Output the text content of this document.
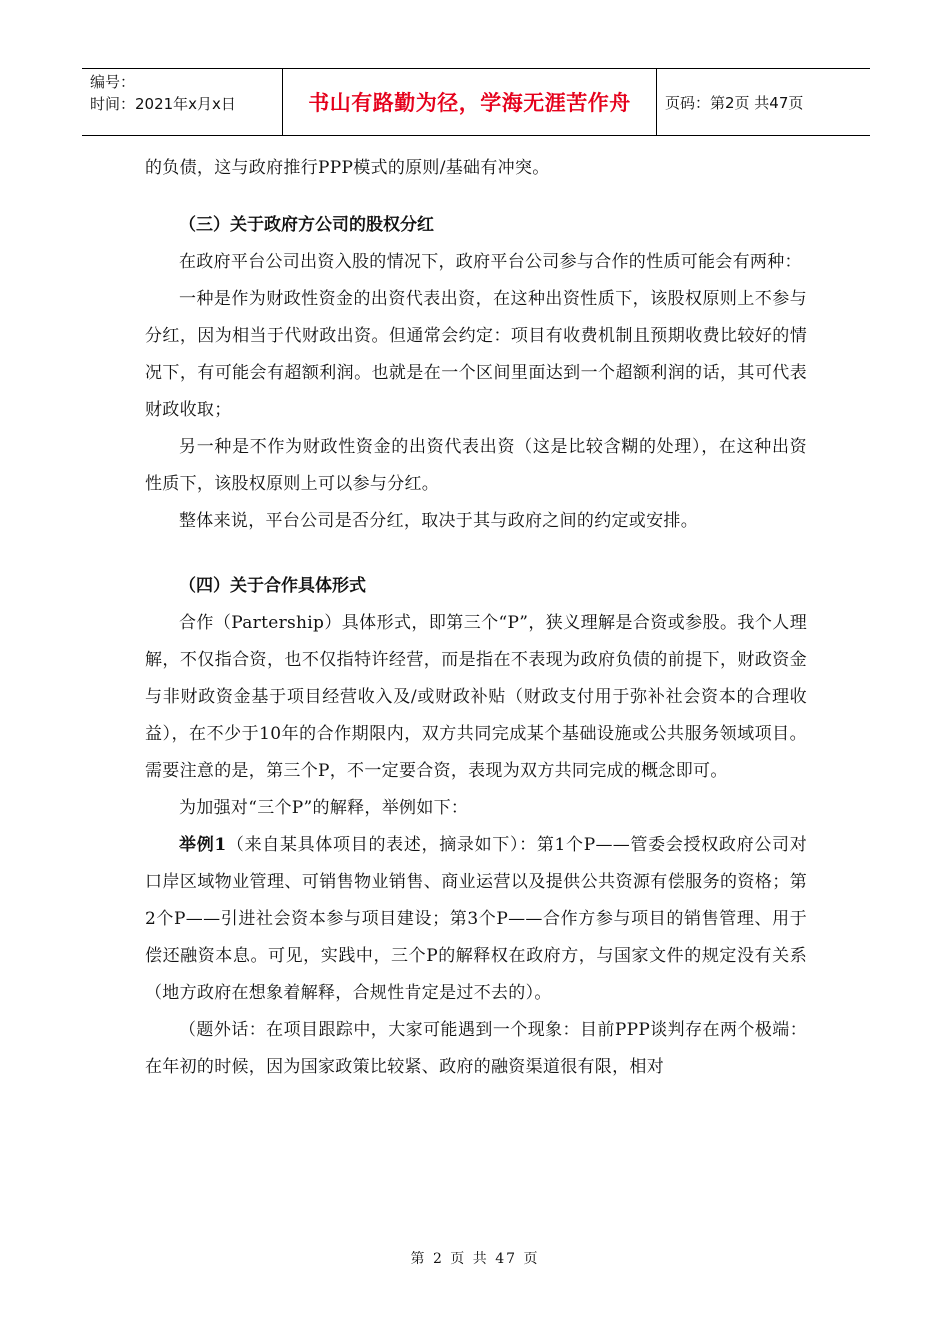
编号：
时间：2021年x月x日	书山有路勤为径，学海无涯苦作舟	页码：第2页 共47页

的负债，这与政府推行PPP模式的原则/基础有冲突。

（三）关于政府方公司的股权分红

在政府平台公司出资入股的情况下，政府平台公司参与合作的性质可能会有两种：

一种是作为财政性资金的出资代表出资，在这种出资性质下，该股权原则上不参与分红，因为相当于代财政出资。但通常会约定：项目有收费机制且预期收费比较好的情况下，有可能会有超额利润。也就是在一个区间里面达到一个超额利润的话，其可代表财政收取；

另一种是不作为财政性资金的出资代表出资（这是比较含糊的处理），在这种出资性质下，该股权原则上可以参与分红。

整体来说，平台公司是否分红，取决于其与政府之间的约定或安排。

（四）关于合作具体形式

合作（Partership）具体形式，即第三个“P”，狭义理解是合资或参股。我个人理解，不仅指合资，也不仅指特许经营，而是指在不表现为政府负债的前提下，财政资金与非财政资金基于项目经营收入及/或财政补贴（财政支付用于弥补社会资本的合理收益），在不少于10年的合作期限内，双方共同完成某个基础设施或公共服务领域项目。需要注意的是，第三个P，不一定要合资，表现为双方共同完成的概念即可。

为加强对“三个P”的解释，举例如下：

举例1（来自某具体项目的表述，摘录如下）：第1个P——管委会授权政府公司对口岸区域物业管理、可销售物业销售、商业运营以及提供公共资源有偿服务的资格；第2个P——引进社会资本参与项目建设；第3个P——合作方参与项目的销售管理、用于偿还融资本息。可见，实践中，三个P的解释权在政府方，与国家文件的规定没有关系（地方政府在想象着解释，合规性肯定是过不去的）。

（题外话：在项目跟踪中，大家可能遇到一个现象：目前PPP谈判存在两个极端：在年初的时候，因为国家政策比较紧、政府的融资渠道很有限，相对

第 2 页 共 47 页
